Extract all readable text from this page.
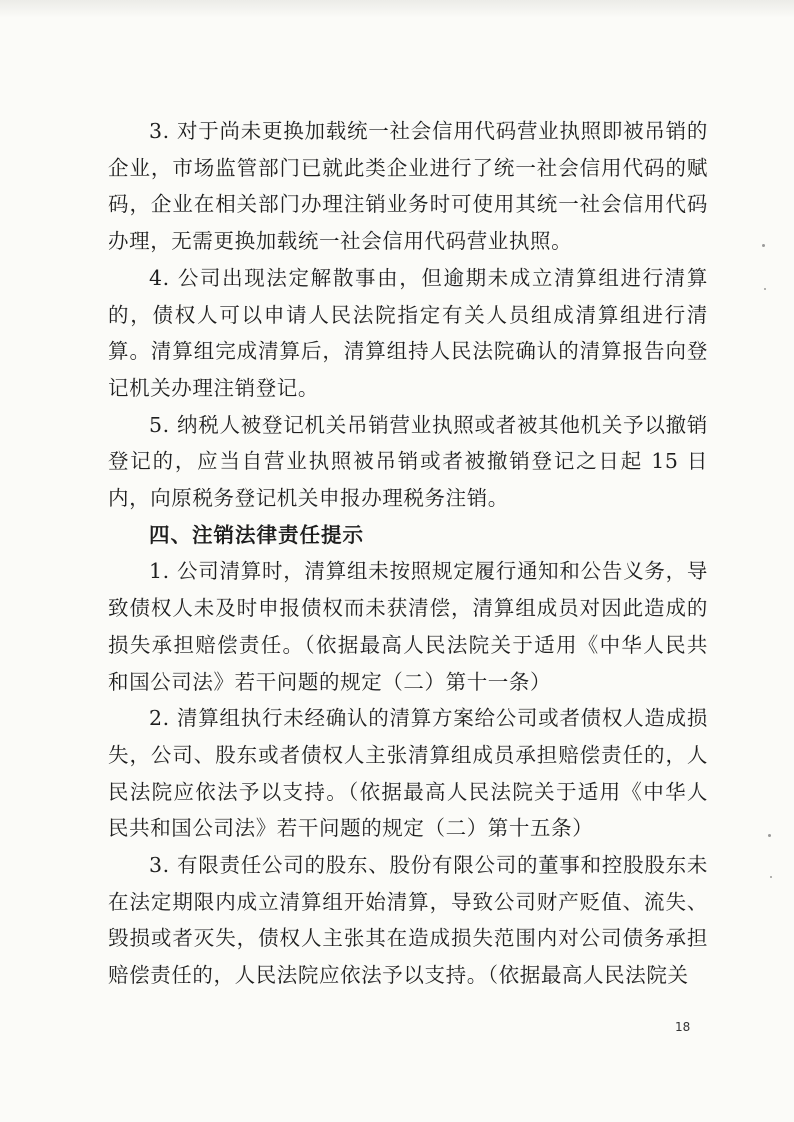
3. 对于尚未更换加载统一社会信用代码营业执照即被吊销的企业，市场监管部门已就此类企业进行了统一社会信用代码的赋码，企业在相关部门办理注销业务时可使用其统一社会信用代码办理，无需更换加载统一社会信用代码营业执照。

4. 公司出现法定解散事由，但逾期未成立清算组进行清算的，债权人可以申请人民法院指定有关人员组成清算组进行清算。清算组完成清算后，清算组持人民法院确认的清算报告向登记机关办理注销登记。

5. 纳税人被登记机关吊销营业执照或者被其他机关予以撤销登记的，应当自营业执照被吊销或者被撤销登记之日起 15 日内，向原税务登记机关申报办理税务注销。

四、注销法律责任提示

1. 公司清算时，清算组未按照规定履行通知和公告义务，导致债权人未及时申报债权而未获清偿，清算组成员对因此造成的损失承担赔偿责任。（依据最高人民法院关于适用《中华人民共和国公司法》若干问题的规定（二）第十一条）

2. 清算组执行未经确认的清算方案给公司或者债权人造成损失，公司、股东或者债权人主张清算组成员承担赔偿责任的，人民法院应依法予以支持。（依据最高人民法院关于适用《中华人民共和国公司法》若干问题的规定（二）第十五条）

3. 有限责任公司的股东、股份有限公司的董事和控股股东未在法定期限内成立清算组开始清算，导致公司财产贬值、流失、毁损或者灭失，债权人主张其在造成损失范围内对公司债务承担赔偿责任的，人民法院应依法予以支持。（依据最高人民法院关

18
